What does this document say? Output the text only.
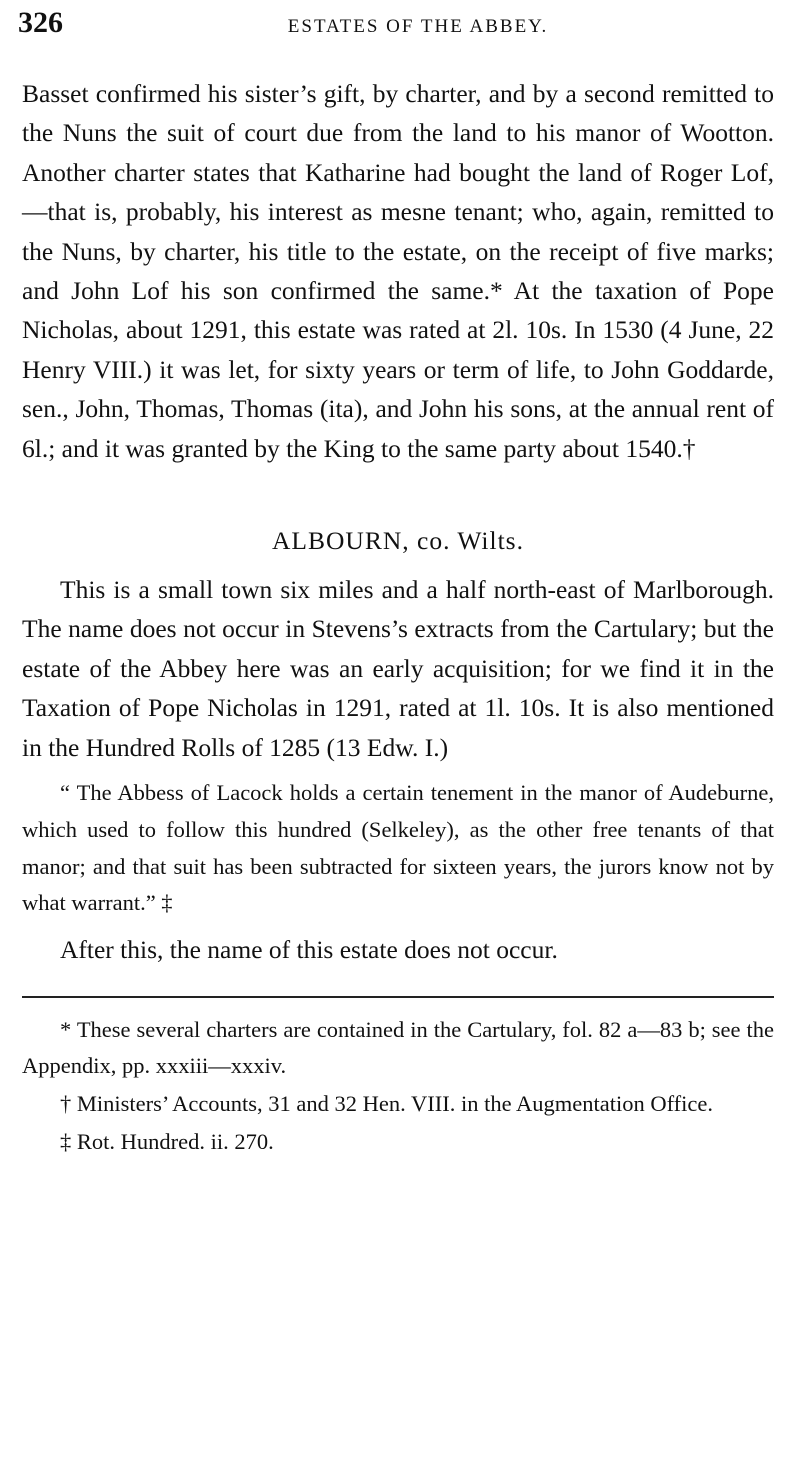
326	ESTATES OF THE ABBEY.

Basset confirmed his sister’s gift, by charter, and by a second remitted to the Nuns the suit of court due from the land to his manor of Wootton. Another charter states that Katharine had bought the land of Roger Lof,—that is, probably, his interest as mesne tenant; who, again, remitted to the Nuns, by charter, his title to the estate, on the receipt of five marks; and John Lof his son confirmed the same.* At the taxation of Pope Nicholas, about 1291, this estate was rated at 2l. 10s. In 1530 (4 June, 22 Henry VIII.) it was let, for sixty years or term of life, to John Goddarde, sen., John, Thomas, Thomas (ita), and John his sons, at the annual rent of 6l.; and it was granted by the King to the same party about 1540.†

ALBOURN, co. Wilts.

This is a small town six miles and a half north-east of Marlborough. The name does not occur in Stevens’s extracts from the Cartulary; but the estate of the Abbey here was an early acquisition; for we find it in the Taxation of Pope Nicholas in 1291, rated at 1l. 10s. It is also mentioned in the Hundred Rolls of 1285 (13 Edw. I.)

“ The Abbess of Lacock holds a certain tenement in the manor of Audeburne, which used to follow this hundred (Selkeley), as the other free tenants of that manor; and that suit has been subtracted for sixteen years, the jurors know not by what warrant.” ‡

After this, the name of this estate does not occur.

* These several charters are contained in the Cartulary, fol. 82 a—83 b; see the Appendix, pp. xxxiii—xxxiv.

† Ministers’ Accounts, 31 and 32 Hen. VIII. in the Augmentation Office.

‡ Rot. Hundred. ii. 270.
